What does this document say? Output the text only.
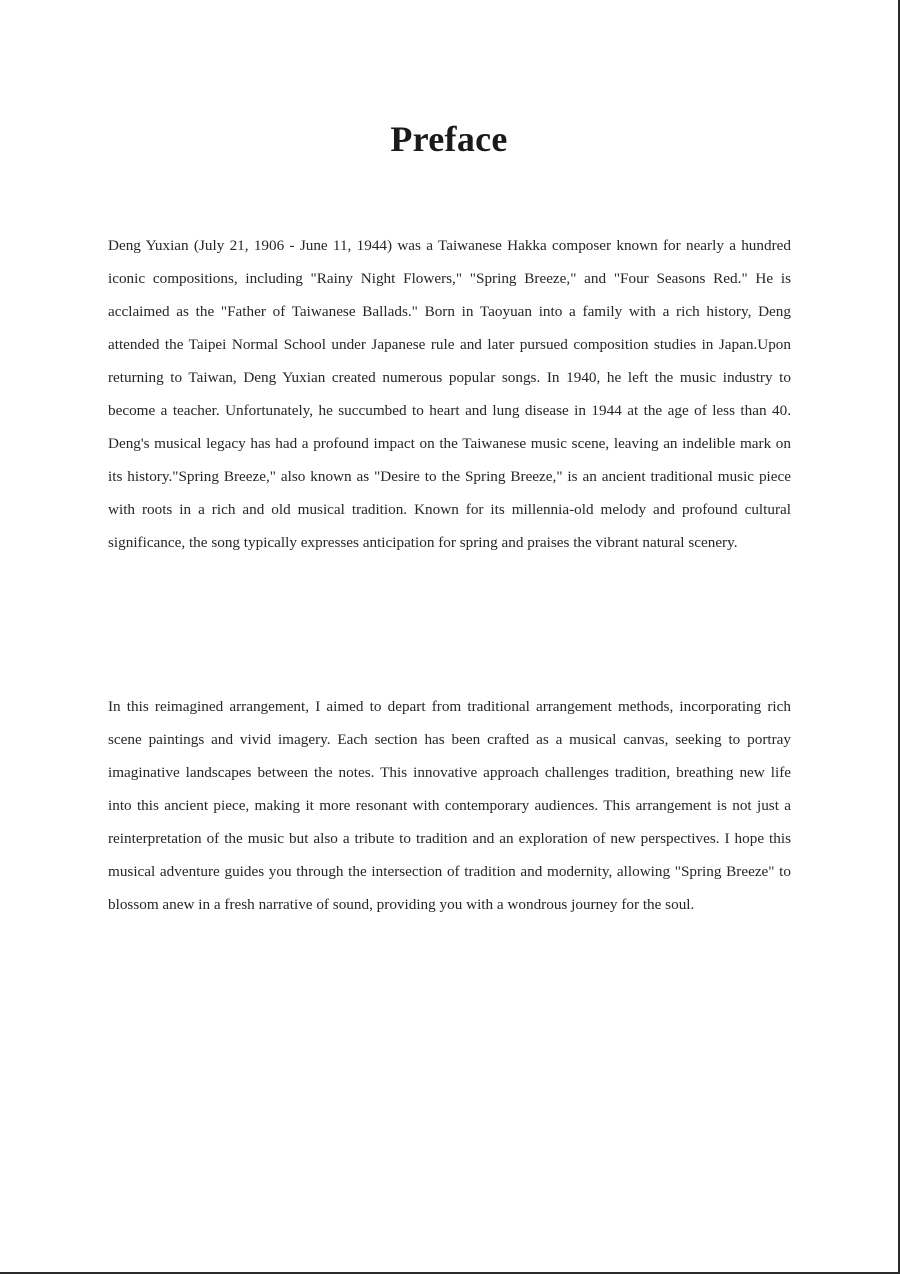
Preface

Deng Yuxian (July 21, 1906 - June 11, 1944) was a Taiwanese Hakka composer known for nearly a hundred iconic compositions, including "Rainy Night Flowers," "Spring Breeze," and "Four Seasons Red." He is acclaimed as the "Father of Taiwanese Ballads." Born in Taoyuan into a family with a rich history, Deng attended the Taipei Normal School under Japanese rule and later pursued composition studies in Japan.Upon returning to Taiwan, Deng Yuxian created numerous popular songs. In 1940, he left the music industry to become a teacher. Unfortunately, he succumbed to heart and lung disease in 1944 at the age of less than 40. Deng's musical legacy has had a profound impact on the Taiwanese music scene, leaving an indelible mark on its history."Spring Breeze," also known as "Desire to the Spring Breeze," is an ancient traditional music piece with roots in a rich and old musical tradition. Known for its millennia-old melody and profound cultural significance, the song typically expresses anticipation for spring and praises the vibrant natural scenery.

In this reimagined arrangement, I aimed to depart from traditional arrangement methods, incorporating rich scene paintings and vivid imagery. Each section has been crafted as a musical canvas, seeking to portray imaginative landscapes between the notes. This innovative approach challenges tradition, breathing new life into this ancient piece, making it more resonant with contemporary audiences. This arrangement is not just a reinterpretation of the music but also a tribute to tradition and an exploration of new perspectives. I hope this musical adventure guides you through the intersection of tradition and modernity, allowing "Spring Breeze" to blossom anew in a fresh narrative of sound, providing you with a wondrous journey for the soul.
